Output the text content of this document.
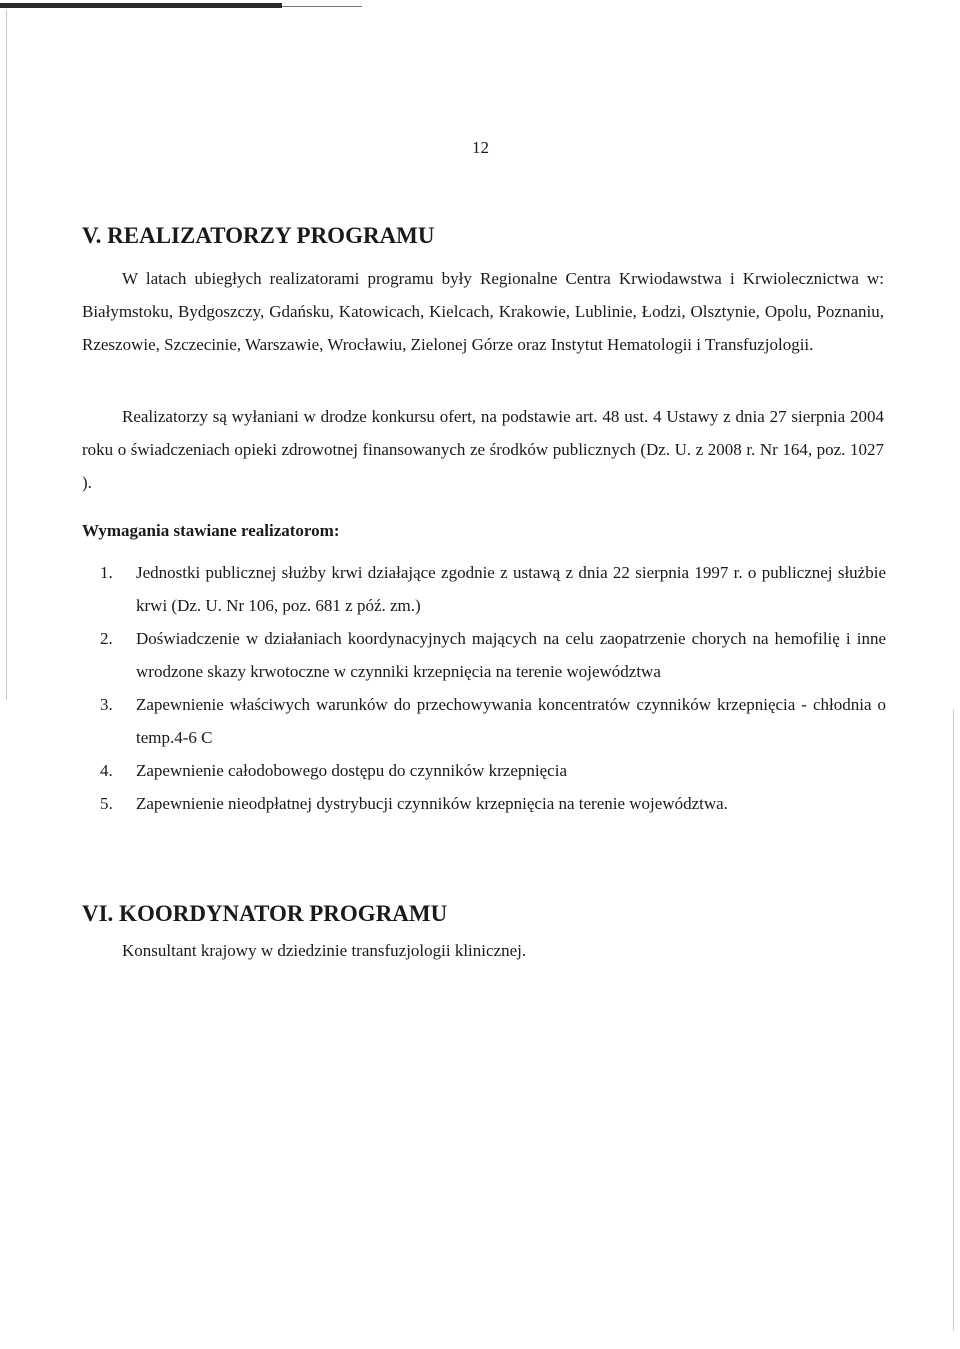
12
V. REALIZATORZY PROGRAMU

W latach ubiegłych realizatorami programu były Regionalne Centra Krwiodawstwa i Krwiolecznictwa w: Białymstoku, Bydgoszczy, Gdańsku, Katowicach, Kielcach, Krakowie, Lublinie, Łodzi, Olsztynie, Opolu, Poznaniu, Rzeszowie, Szczecinie, Warszawie, Wrocławiu, Zielonej Górze oraz Instytut Hematologii i Transfuzjologii.

Realizatorzy są wyłaniani w drodze konkursu ofert, na podstawie art. 48 ust. 4 Ustawy z dnia 27 sierpnia 2004 roku o świadczeniach opieki zdrowotnej finansowanych ze środków publicznych (Dz. U. z 2008 r. Nr 164, poz. 1027 ).

Wymagania stawiane realizatorom:
1.	Jednostki publicznej służby krwi działające zgodnie z ustawą z dnia 22 sierpnia 1997 r. o publicznej służbie krwi (Dz. U. Nr 106, poz. 681 z póź. zm.)
2.	Doświadczenie w działaniach koordynacyjnych mających na celu zaopatrzenie chorych na hemofilię i inne wrodzone skazy krwotoczne w czynniki krzepnięcia na terenie województwa
3.	Zapewnienie właściwych warunków do przechowywania koncentratów czynników krzepnięcia - chłodnia o temp.4-6 C
4.	Zapewnienie całodobowego dostępu do czynników krzepnięcia
5.	Zapewnienie nieodpłatnej dystrybucji czynników krzepnięcia na terenie województwa.
VI. KOORDYNATOR PROGRAMU
Konsultant krajowy w dziedzinie transfuzjologii klinicznej.
